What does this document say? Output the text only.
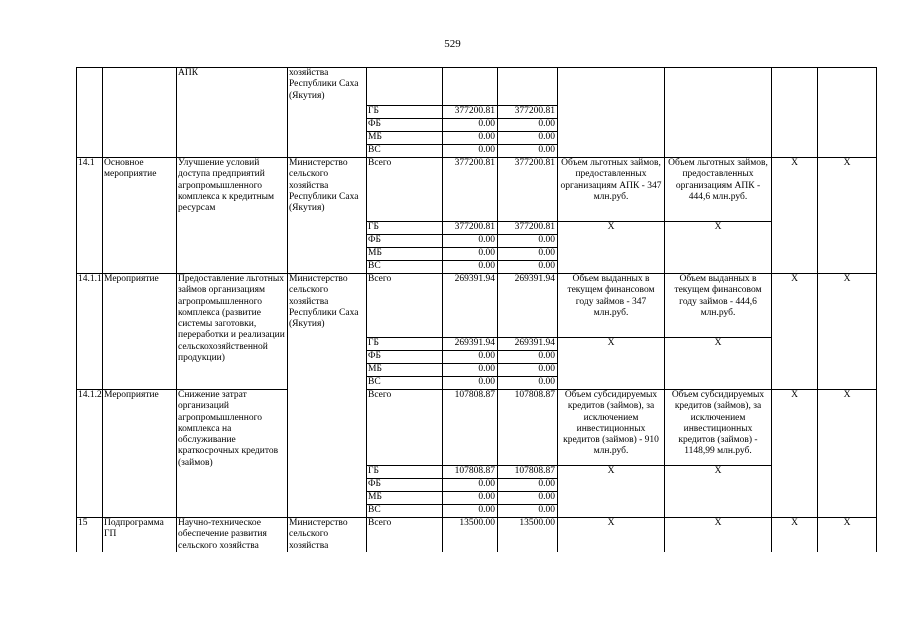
529
		АПК	хозяйства Республики Саха (Якутия)							
				ГБ	377200.81	377200.81				
				ФБ	0.00	0.00				
				МБ	0.00	0.00				
				ВС	0.00	0.00				
14.1	Основное мероприятие	Улучшение условий доступа предприятий агропромышленного комплекса к кредитным ресурсам	Министерство сельского хозяйства Республики Саха (Якутия)	Всего	377200.81	377200.81	Объем льготных займов, предоставленных организациям АПК - 347 млн.руб.	Объем льготных займов, предоставленных организациям АПК - 444,6 млн.руб.	X	X
				ГБ	377200.81	377200.81	X	X		
				ФБ	0.00	0.00				
				МБ	0.00	0.00				
				ВС	0.00	0.00				
14.1.1	Мероприятие	Предоставление льготных займов организациям агропромышленного комплекса (развитие системы заготовки, переработки и реализации сельскохозяйственной продукции)	Министерство сельского хозяйства Республики Саха (Якутия)	Всего	269391.94	269391.94	Объем выданных в текущем финансовом году займов - 347 млн.руб.	Объем выданных в текущем финансовом году займов - 444,6 млн.руб.	X	X
				ГБ	269391.94	269391.94	X	X		
				ФБ	0.00	0.00				
				МБ	0.00	0.00				
				ВС	0.00	0.00				
14.1.2	Мероприятие	Снижение затрат организаций агропромышленного комплекса на обслуживание краткосрочных кредитов (займов)		Всего	107808.87	107808.87	Объем субсидируемых кредитов (займов), за исключением инвестиционных кредитов (займов) - 910 млн.руб.	Объем субсидируемых кредитов (займов), за исключением инвестиционных кредитов (займов) - 1148,99 млн.руб.	X	X
				ГБ	107808.87	107808.87	X	X		
				ФБ	0.00	0.00				
				МБ	0.00	0.00				
				ВС	0.00	0.00				
15	Подпрограмма ГП	Научно-техническое обеспечение развития сельского хозяйства	Министерство сельского хозяйства	Всего	13500.00	13500.00	X	X	X	X
